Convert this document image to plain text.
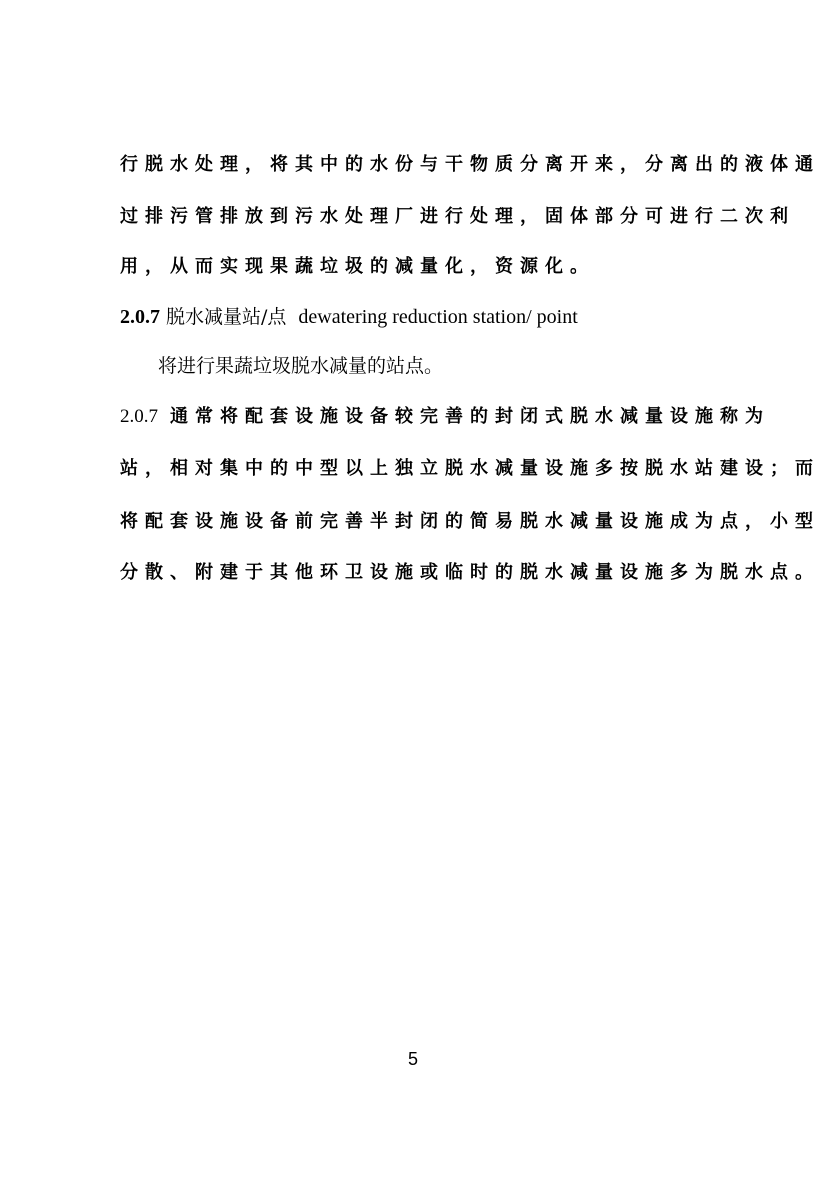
行脱水处理，将其中的水份与干物质分离开来，分离出的液体通
过排污管排放到污水处理厂进行处理，固体部分可进行二次利
用，从而实现果蔬垃圾的减量化，资源化。
2.0.7 脱水减量站/点 dewatering reduction station/ point
将进行果蔬垃圾脱水减量的站点。
2.0.7 通常将配套设施设备较完善的封闭式脱水减量设施称为
站，相对集中的中型以上独立脱水减量设施多按脱水站建设；而
将配套设施设备前完善半封闭的简易脱水减量设施成为点，小型
分散、附建于其他环卫设施或临时的脱水减量设施多为脱水点。
5
